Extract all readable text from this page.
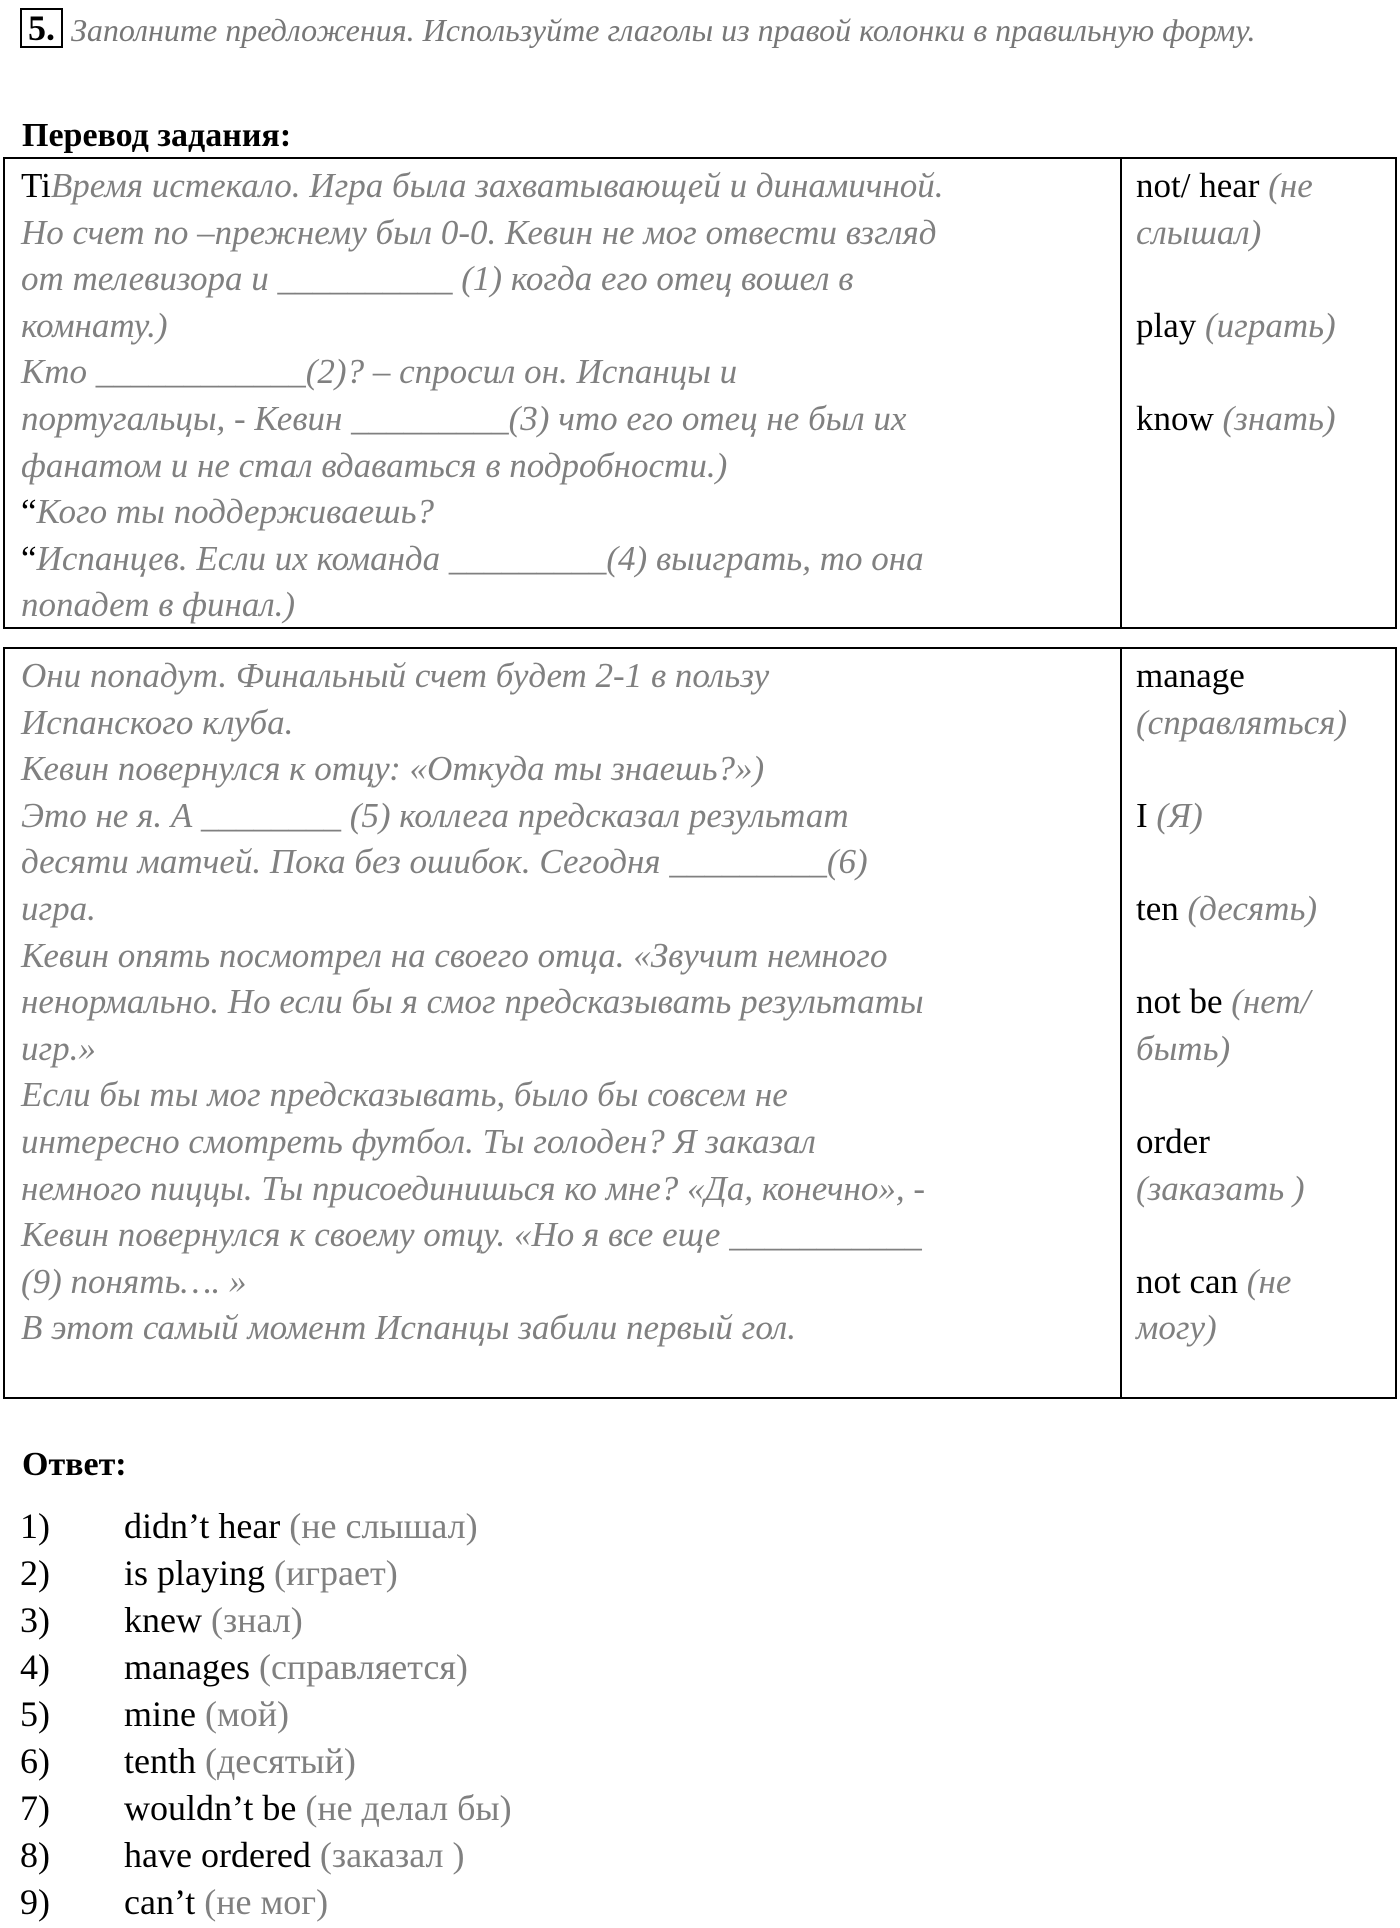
5. Заполните предложения. Используйте глаголы из правой колонки в правильную форму.
Перевод задания:
TiВремя истекало. Игра была захватывающей и динамичной.
Но счет по –прежнему был 0-0. Кевин не мог отвести взгляд
от телевизора и __________ (1) когда его отец вошел в
комнату.)
Кто ____________(2)? – спросил он. Испанцы и
португальцы, - Кевин _________(3) что его отец не был их
фанатом и не стал вдаваться в подробности.)
“Кого ты поддерживаешь?
“Испанцев. Если их команда _________(4) выиграть, то она
попадет в финал.)
not/ hear (не
слышал)
play (играть)
know (знать)
Они попадут. Финальный счет будет 2-1 в пользу
Испанского клуба.
Кевин повернулся к отцу: «Откуда ты знаешь?»)
Это не я. А ________ (5) коллега предсказал результат
десяти матчей. Пока без ошибок. Сегодня _________(6)
игра.
Кевин опять посмотрел на своего отца. «Звучит немного
ненормально. Но если бы я смог предсказывать результаты
игр.»
Если бы ты мог предсказывать, было бы совсем не
интересно смотреть футбол. Ты голоден? Я заказал
немного пиццы. Ты присоединишься ко мне? «Да, конечно», -
Кевин повернулся к своему отцу. «Но я все еще ___________
(9) понять…. »
В этот самый момент Испанцы забили первый гол.
manage
(справляться)
I (Я)
ten (десять)
not be (нет/
быть)
order
(заказать )
not can (не
могу)
Ответ:
1) didn’t hear (не слышал)
2) is playing (играет)
3) knew (знал)
4) manages (справляется)
5) mine (мой)
6) tenth (десятый)
7) wouldn’t be (не делал бы)
8) have ordered (заказал )
9) can’t (не мог)
